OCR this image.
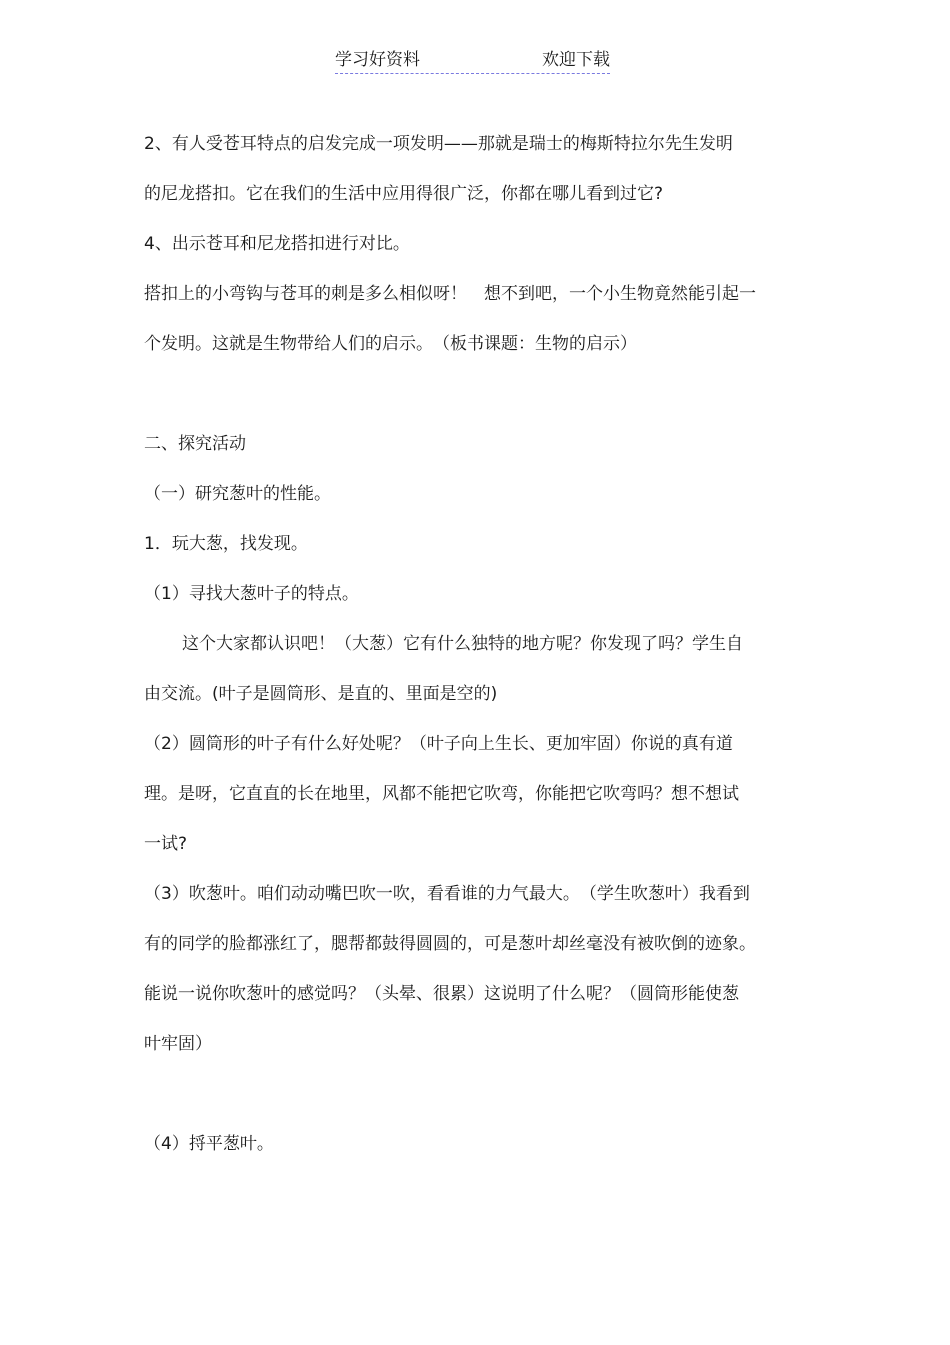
学习好资料	欢迎下载
2、有人受苍耳特点的启发完成一项发明——那就是瑞士的梅斯特拉尔先生发明
的尼龙搭扣。它在我们的生活中应用得很广泛，你都在哪儿看到过它?
4、出示苍耳和尼龙搭扣进行对比。
搭扣上的小弯钩与苍耳的刺是多么相似呀！　想不到吧，一个小生物竟然能引起一
个发明。这就是生物带给人们的启示。　（板书课题：生物的启示）
二、探究活动
（一）研究葱叶的性能。
1．玩大葱，找发现。
（1）寻找大葱叶子的特点。
这个大家都认识吧！（大葱）它有什么独特的地方呢？你发现了吗？学生自
由交流。(叶子是圆筒形、是直的、里面是空的)
（2）圆筒形的叶子有什么好处呢？（叶子向上生长、更加牢固）你说的真有道
理。是呀，它直直的长在地里，风都不能把它吹弯，你能把它吹弯吗？想不想试
一试?
（3）吹葱叶。咱们动动嘴巴吹一吹，看看谁的力气最大。　（学生吹葱叶）我看到
有的同学的脸都涨红了，腮帮都鼓得圆圆的，可是葱叶却丝毫没有被吹倒的迹象。
能说一说你吹葱叶的感觉吗？（头晕、很累）这说明了什么呢？（圆筒形能使葱
叶牢固）
（4）捋平葱叶。
